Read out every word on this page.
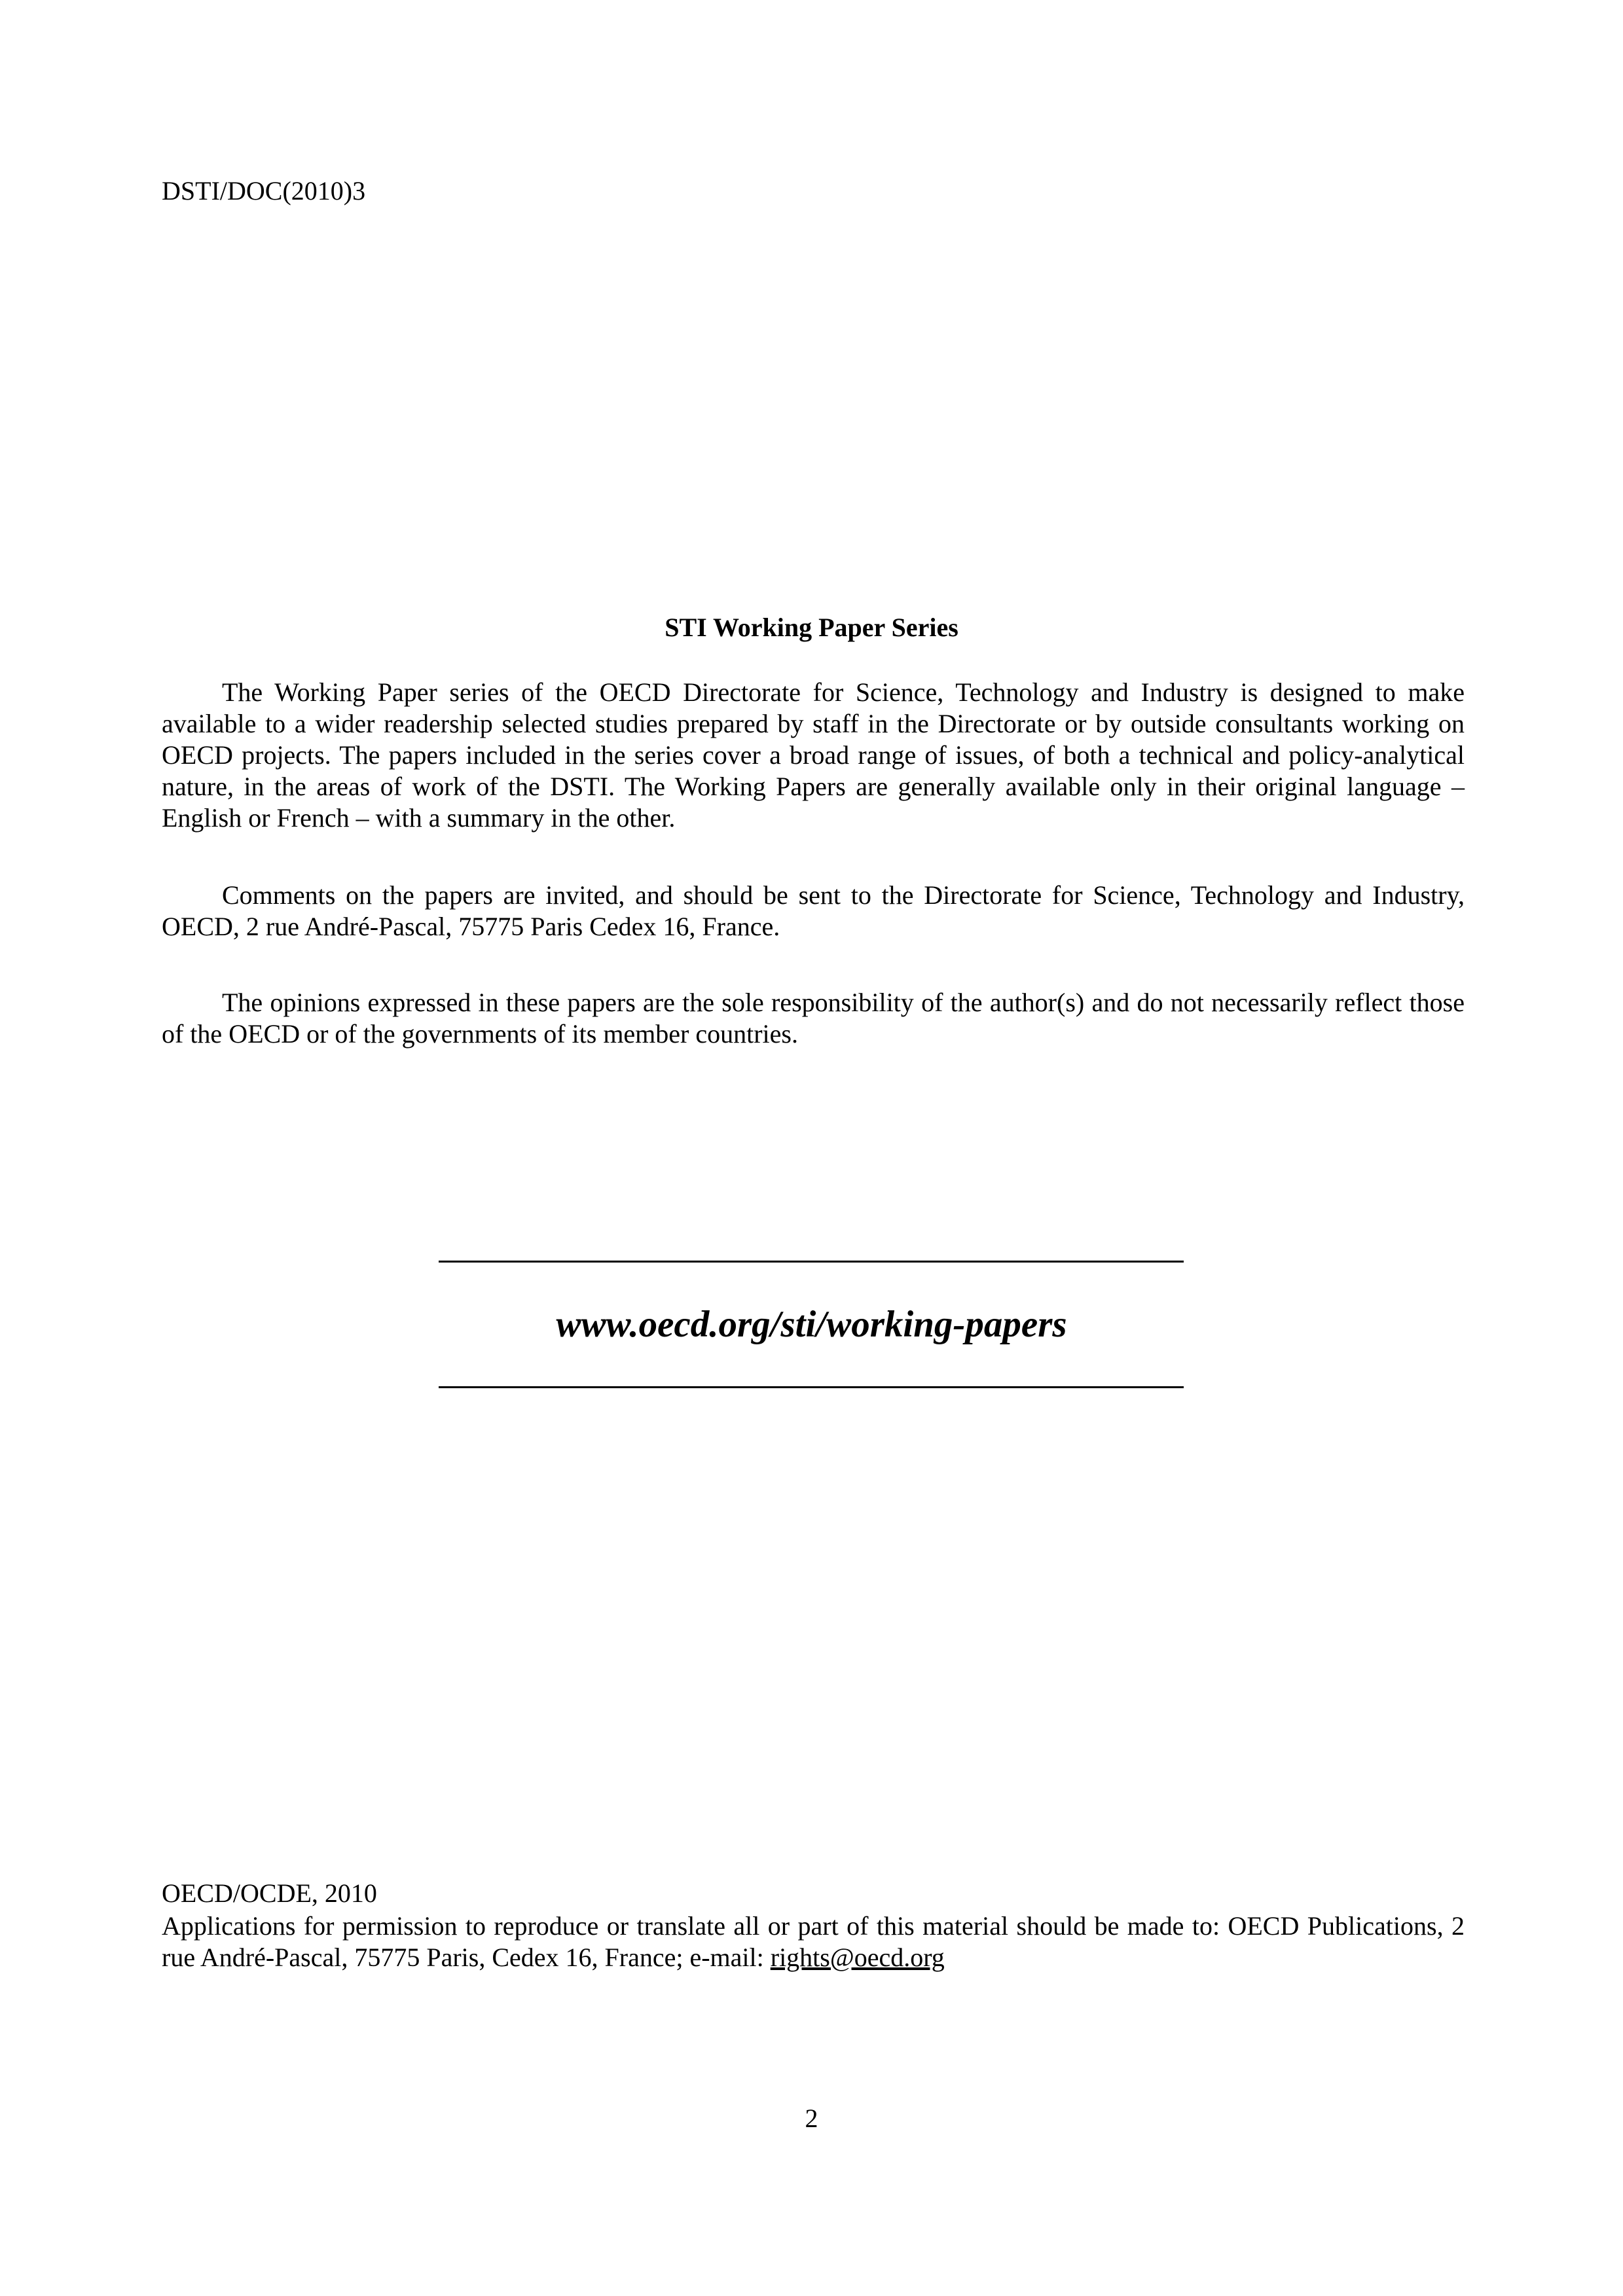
DSTI/DOC(2010)3
STI Working Paper Series

The Working Paper series of the OECD Directorate for Science, Technology and Industry is designed to make available to a wider readership selected studies prepared by staff in the Directorate or by outside consultants working on OECD projects. The papers included in the series cover a broad range of issues, of both a technical and policy-analytical nature, in the areas of work of the DSTI. The Working Papers are generally available only in their original language – English or French – with a summary in the other.

Comments on the papers are invited, and should be sent to the Directorate for Science, Technology and Industry, OECD, 2 rue André-Pascal, 75775 Paris Cedex 16, France.

The opinions expressed in these papers are the sole responsibility of the author(s) and do not necessarily reflect those of the OECD or of the governments of its member countries.

www.oecd.org/sti/working-papers
OECD/OCDE, 2010

Applications for permission to reproduce or translate all or part of this material should be made to: OECD Publications, 2 rue André-Pascal, 75775 Paris, Cedex 16, France; e-mail: rights@oecd.org

2
